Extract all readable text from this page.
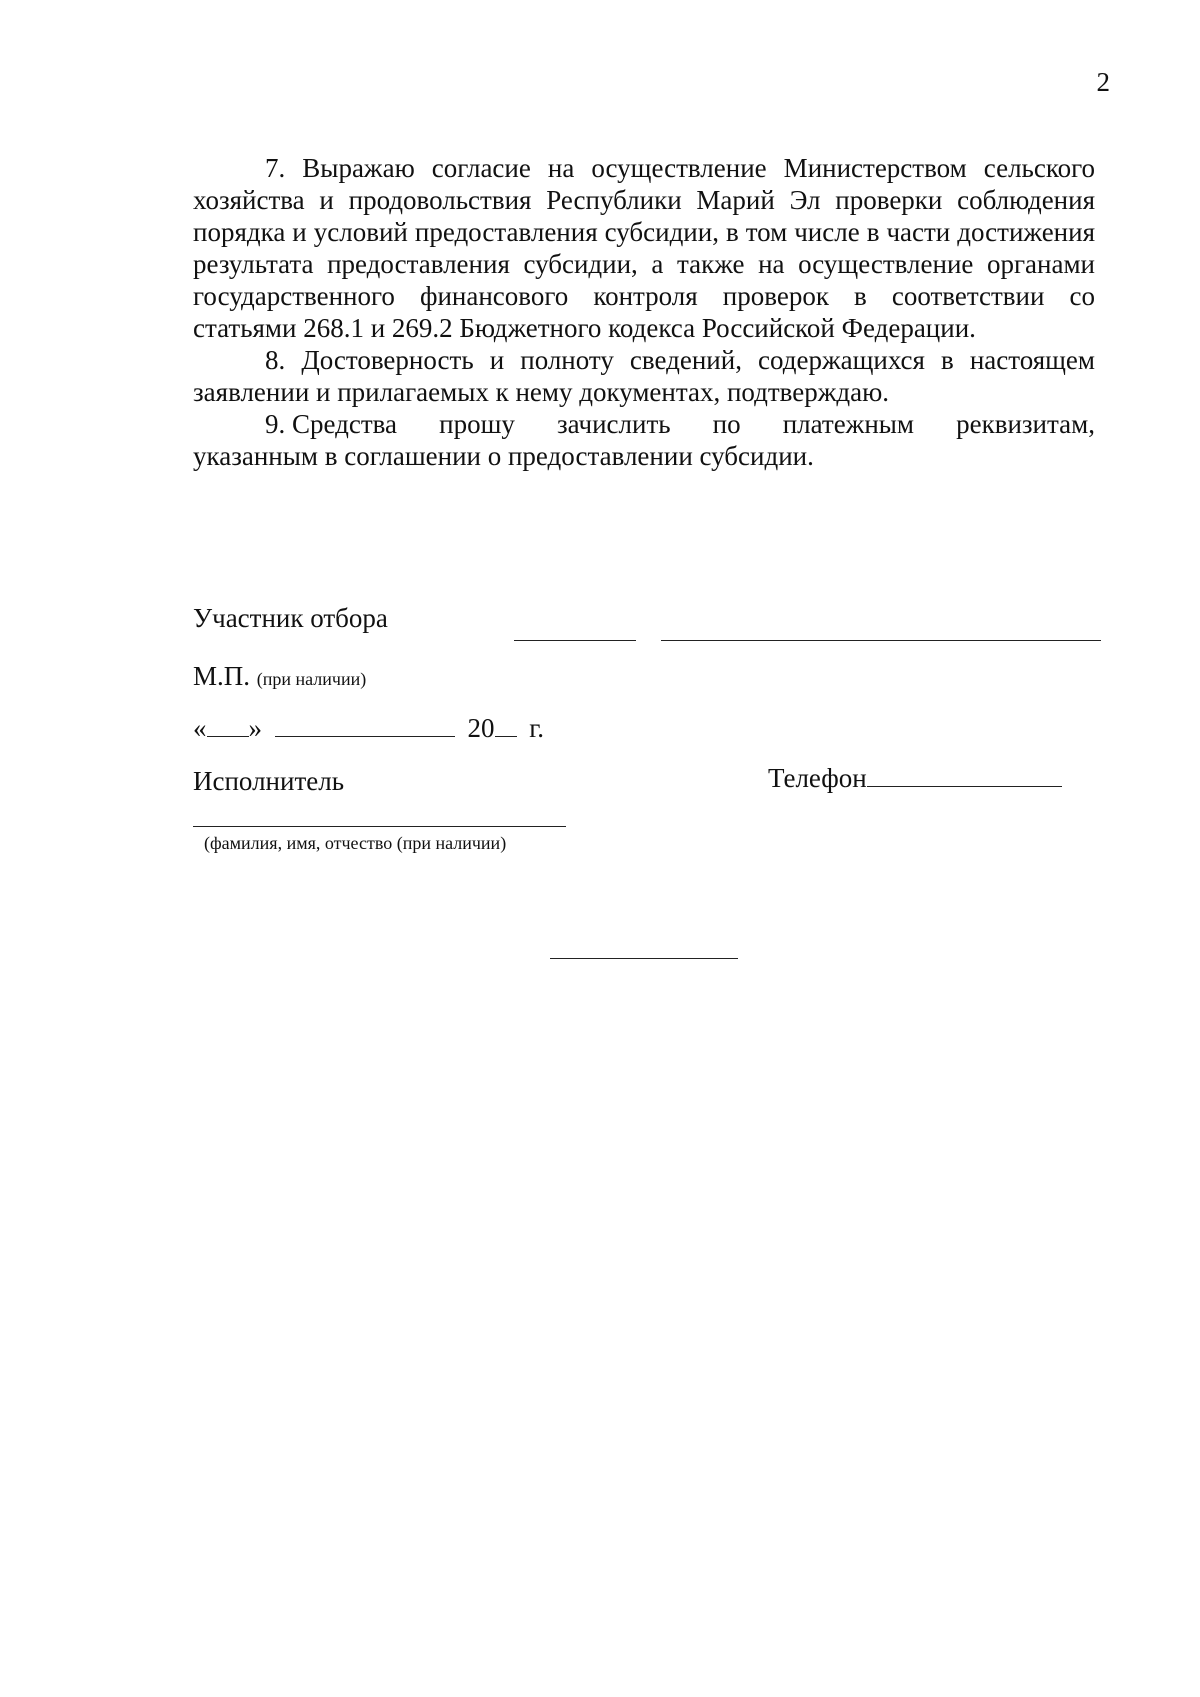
2

7. Выражаю согласие на осуществление Министерством сельского хозяйства и продовольствия Республики Марий Эл проверки соблюдения порядка и условий предоставления субсидии, в том числе в части достижения результата предоставления субсидии, а также на осуществление органами государственного финансового контроля проверок в соответствии со статьями 268.1 и 269.2 Бюджетного кодекса Российской Федерации.

8. Достоверность и полноту сведений, содержащихся в настоящем заявлении и прилагаемых к нему документах, подтверждаю.

9. Средства прошу зачислить по платежным реквизитам,
указанным в соглашении о предоставлении субсидии.
Участник отбора
М.П. (при наличии)
« »	20 г.
Исполнитель	Телефон
(фамилия, имя, отчество (при наличии)
